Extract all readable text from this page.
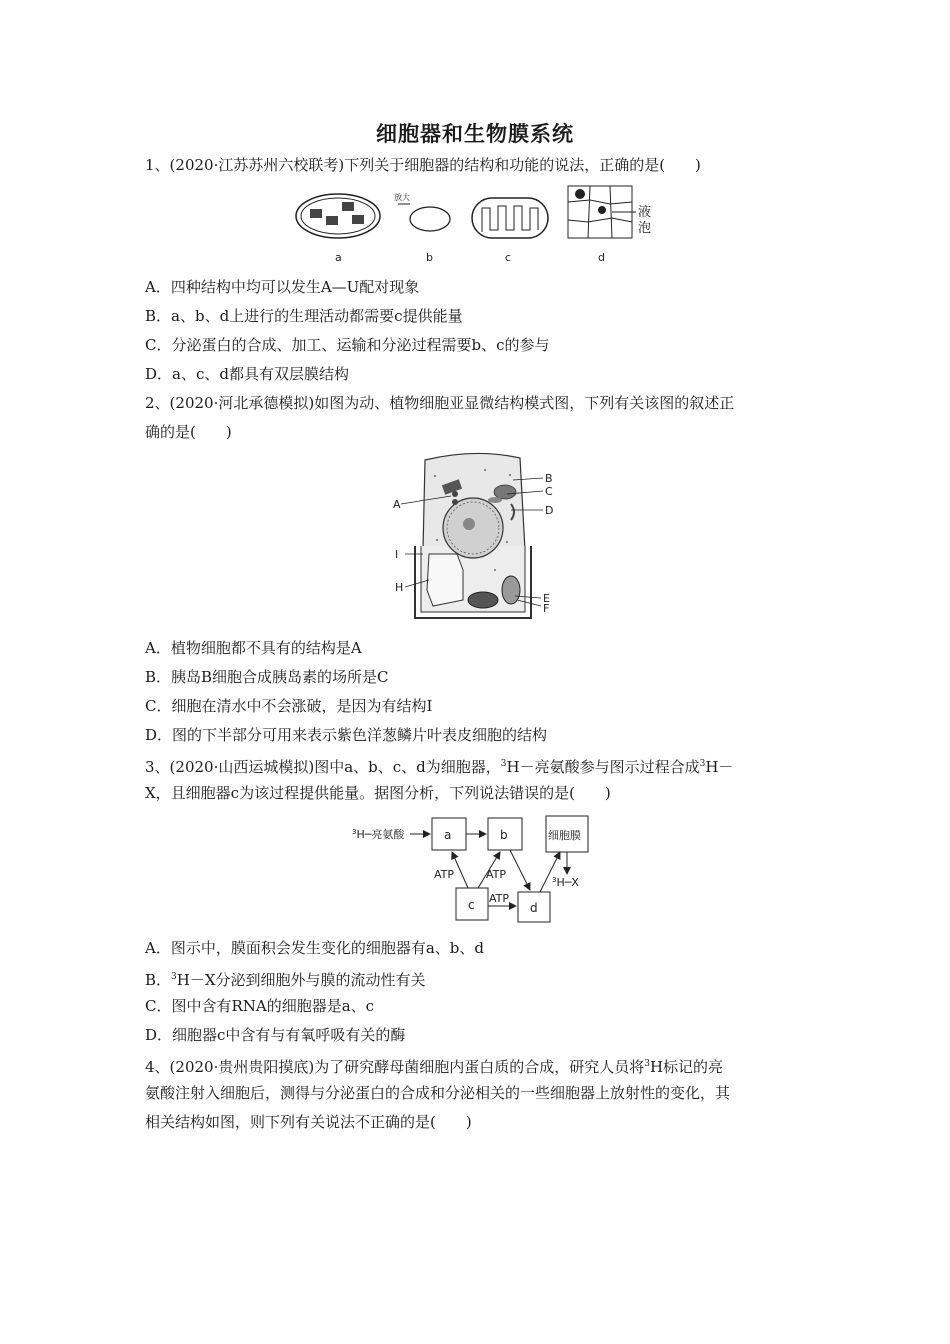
细胞器和生物膜系统
1、(2020·江苏苏州六校联考)下列关于细胞器的结构和功能的说法，正确的是(　　)
放大
液
泡
a	b	c	d
A．四种结构中均可以发生A—U配对现象
B．a、b、d上进行的生理活动都需要c提供能量
C．分泌蛋白的合成、加工、运输和分泌过程需要b、c的参与
D．a、c、d都具有双层膜结构
2、(2020·河北承德模拟)如图为动、植物细胞亚显微结构模式图，下列有关该图的叙述正
确的是(　　)
A
B
C
D
E
F
H
I
A．植物细胞都不具有的结构是A
B．胰岛B细胞合成胰岛素的场所是C
C．细胞在清水中不会涨破，是因为有结构I
D．图的下半部分可用来表示紫色洋葱鳞片叶表皮细胞的结构
3、(2020·山西运城模拟)图中a、b、c、d为细胞器，$^3$H－亮氨酸参与图示过程合成$^3$H－
X，且细胞器c为该过程提供能量。据图分析，下列说法错误的是(　　)
$^3$H─亮氨酸	a	b	细胞膜
$^3$H─X
c	d
ATP	ATP
ATP
A．图示中，膜面积会发生变化的细胞器有a、b、d
B．$^3$H－X分泌到细胞外与膜的流动性有关
C．图中含有RNA的细胞器是a、c
D．细胞器c中含有与有氧呼吸有关的酶
4、(2020·贵州贵阳摸底)为了研究酵母菌细胞内蛋白质的合成，研究人员将$^3$H标记的亮
氨酸注射入细胞后，测得与分泌蛋白的合成和分泌相关的一些细胞器上放射性的变化，其
相关结构如图，则下列有关说法不正确的是(　　)
